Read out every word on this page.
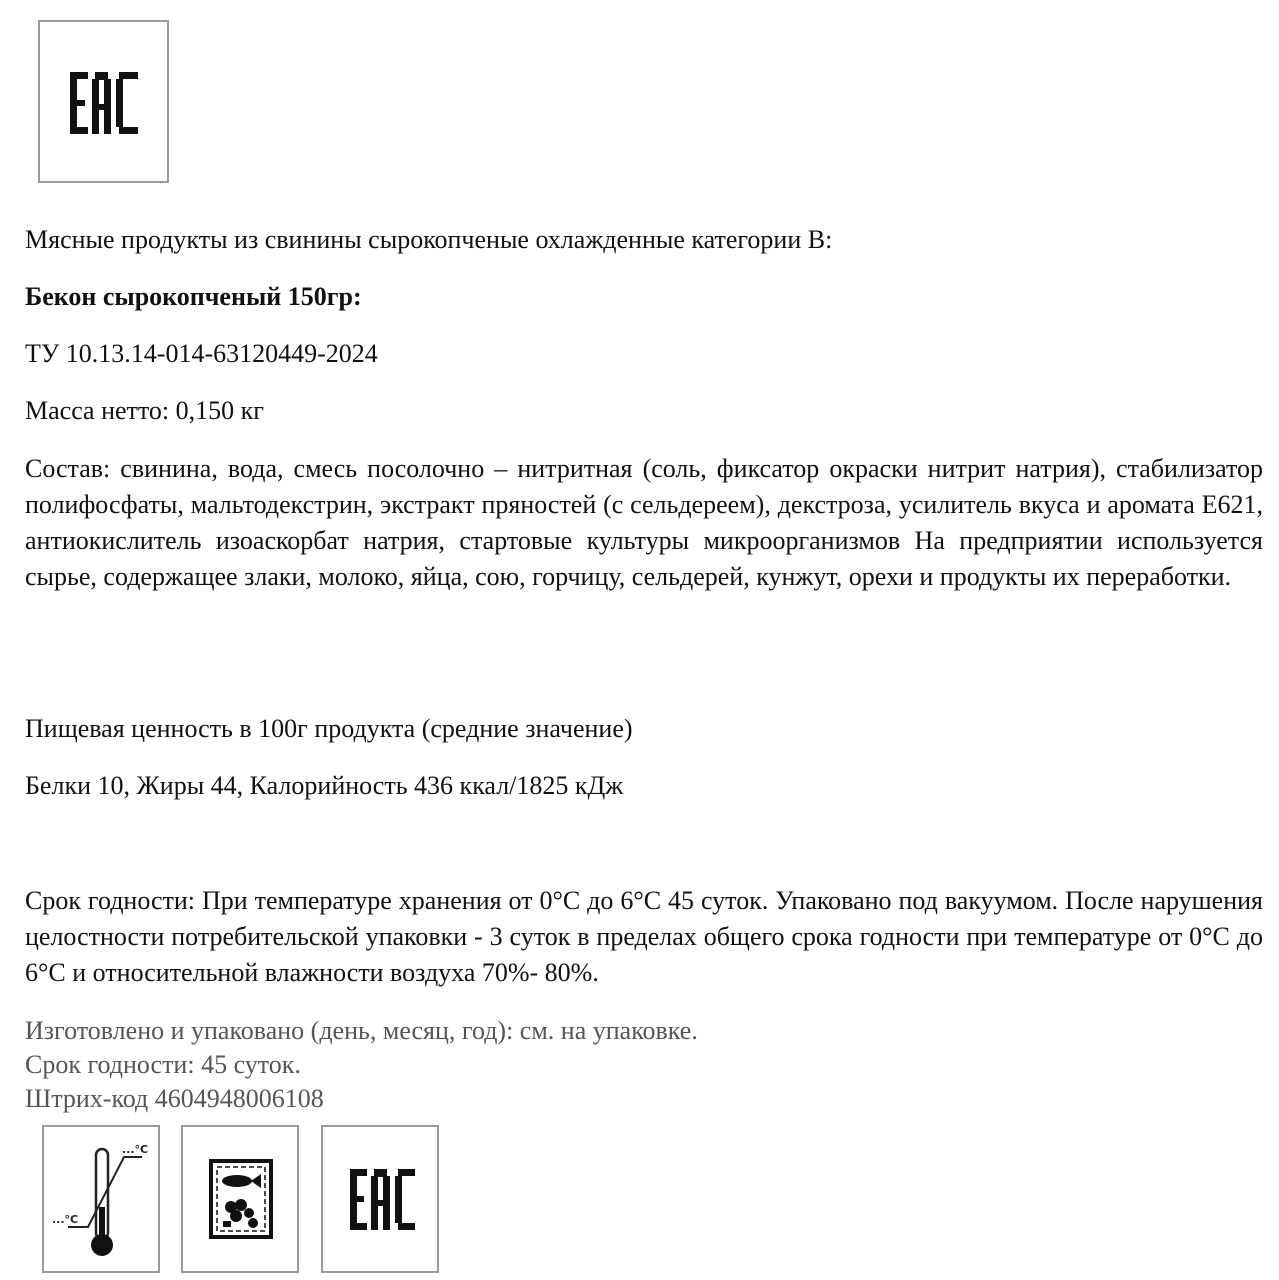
Мясные продукты из свинины сырокопченые охлажденные категории В:

Бекон сырокопченый 150гр:

ТУ 10.13.14-014-63120449-2024

Масса нетто: 0,150 кг

Состав: свинина, вода, смесь посолочно – нитритная (соль, фиксатор окраски нитрит натрия), стабилизатор полифосфаты, мальтодекстрин, экстракт пряностей (с сельдереем), декстроза, усилитель вкуса и аромата Е621, антиокислитель изоаскорбат натрия, стартовые культуры микроорганизмов На предприятии используется сырье, содержащее злаки, молоко, яйца, сою, горчицу, сельдерей, кунжут, орехи и продукты их переработки.

Пищевая ценность в 100г продукта (средние значение)

Белки 10, Жиры 44, Калорийность 436 ккал/1825 кДж

Срок годности: При температуре хранения от 0°С до 6°С 45 суток. Упаковано под вакуумом. После нарушения целостности потребительской упаковки - 3 суток в пределах общего срока годности при температуре от 0°С до 6°С и относительной влажности воздуха 70%- 80%.

Изготовлено и упаковано (день, месяц, год): см. на упаковке.

Срок годности: 45 суток.

Штрих-код 4604948006108

...°C
...°C
